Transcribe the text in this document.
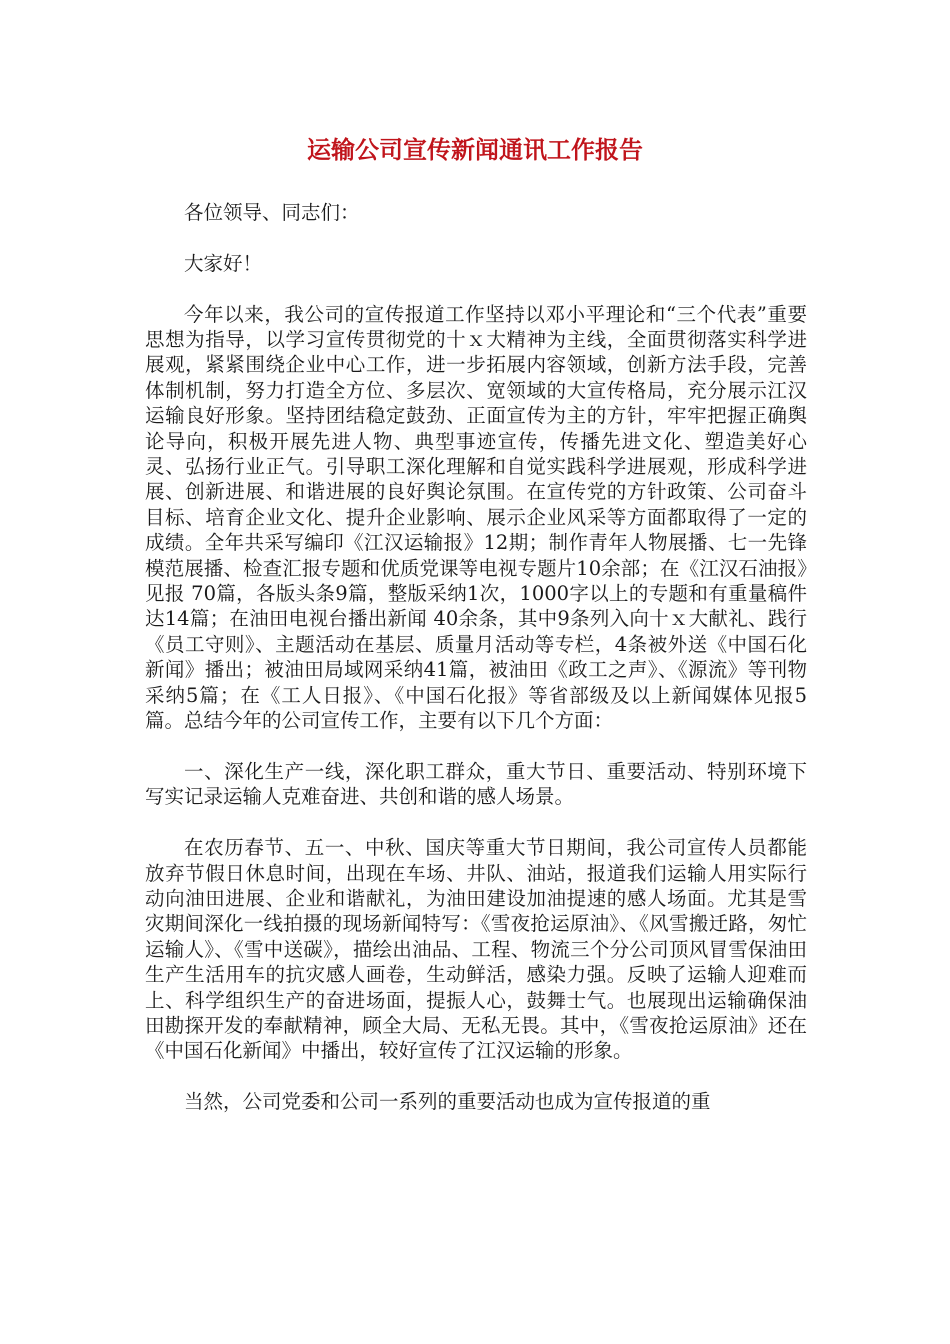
运输公司宣传新闻通讯工作报告

各位领导、同志们：

大家好！

今年以来，我公司的宣传报道工作坚持以邓小平理论和“三个代表”重要思想为指导，以学习宣传贯彻党的十ｘ大精神为主线，全面贯彻落实科学进展观，紧紧围绕企业中心工作，进一步拓展内容领域，创新方法手段，完善体制机制，努力打造全方位、多层次、宽领域的大宣传格局，充分展示江汉运输良好形象。坚持团结稳定鼓劲、正面宣传为主的方针，牢牢把握正确舆论导向，积极开展先进人物、典型事迹宣传，传播先进文化、塑造美好心灵、弘扬行业正气。引导职工深化理解和自觉实践科学进展观，形成科学进展、创新进展、和谐进展的良好舆论氛围。在宣传党的方针政策、公司奋斗目标、培育企业文化、提升企业影响、展示企业风采等方面都取得了一定的成绩。全年共采写编印《江汉运输报》12期；制作青年人物展播、七一先锋模范展播、检查汇报专题和优质党课等电视专题片10余部；在《江汉石油报》见报 70篇，各版头条9篇，整版采纳1次，1000字以上的专题和有重量稿件达14篇；在油田电视台播出新闻 40余条，其中9条列入向十ｘ大献礼、践行《员工守则》、主题活动在基层、质量月活动等专栏，4条被外送《中国石化新闻》播出；被油田局域网采纳41篇，被油田《政工之声》、《源流》等刊物采纳5篇；在《工人日报》、《中国石化报》等省部级及以上新闻媒体见报5篇。总结今年的公司宣传工作，主要有以下几个方面：

一、深化生产一线，深化职工群众，重大节日、重要活动、特别环境下写实记录运输人克难奋进、共创和谐的感人场景。

在农历春节、五一、中秋、国庆等重大节日期间，我公司宣传人员都能放弃节假日休息时间，出现在车场、井队、油站，报道我们运输人用实际行动向油田进展、企业和谐献礼，为油田建设加油提速的感人场面。尤其是雪灾期间深化一线拍摄的现场新闻特写：《雪夜抢运原油》、《风雪搬迁路，匆忙运输人》、《雪中送碳》，描绘出油品、工程、物流三个分公司顶风冒雪保油田生产生活用车的抗灾感人画卷，生动鲜活，感染力强。反映了运输人迎难而上、科学组织生产的奋进场面，提振人心，鼓舞士气。也展现出运输确保油田勘探开发的奉献精神，顾全大局、无私无畏。其中，《雪夜抢运原油》还在《中国石化新闻》中播出，较好宣传了江汉运输的形象。

当然，公司党委和公司一系列的重要活动也成为宣传报道的重
